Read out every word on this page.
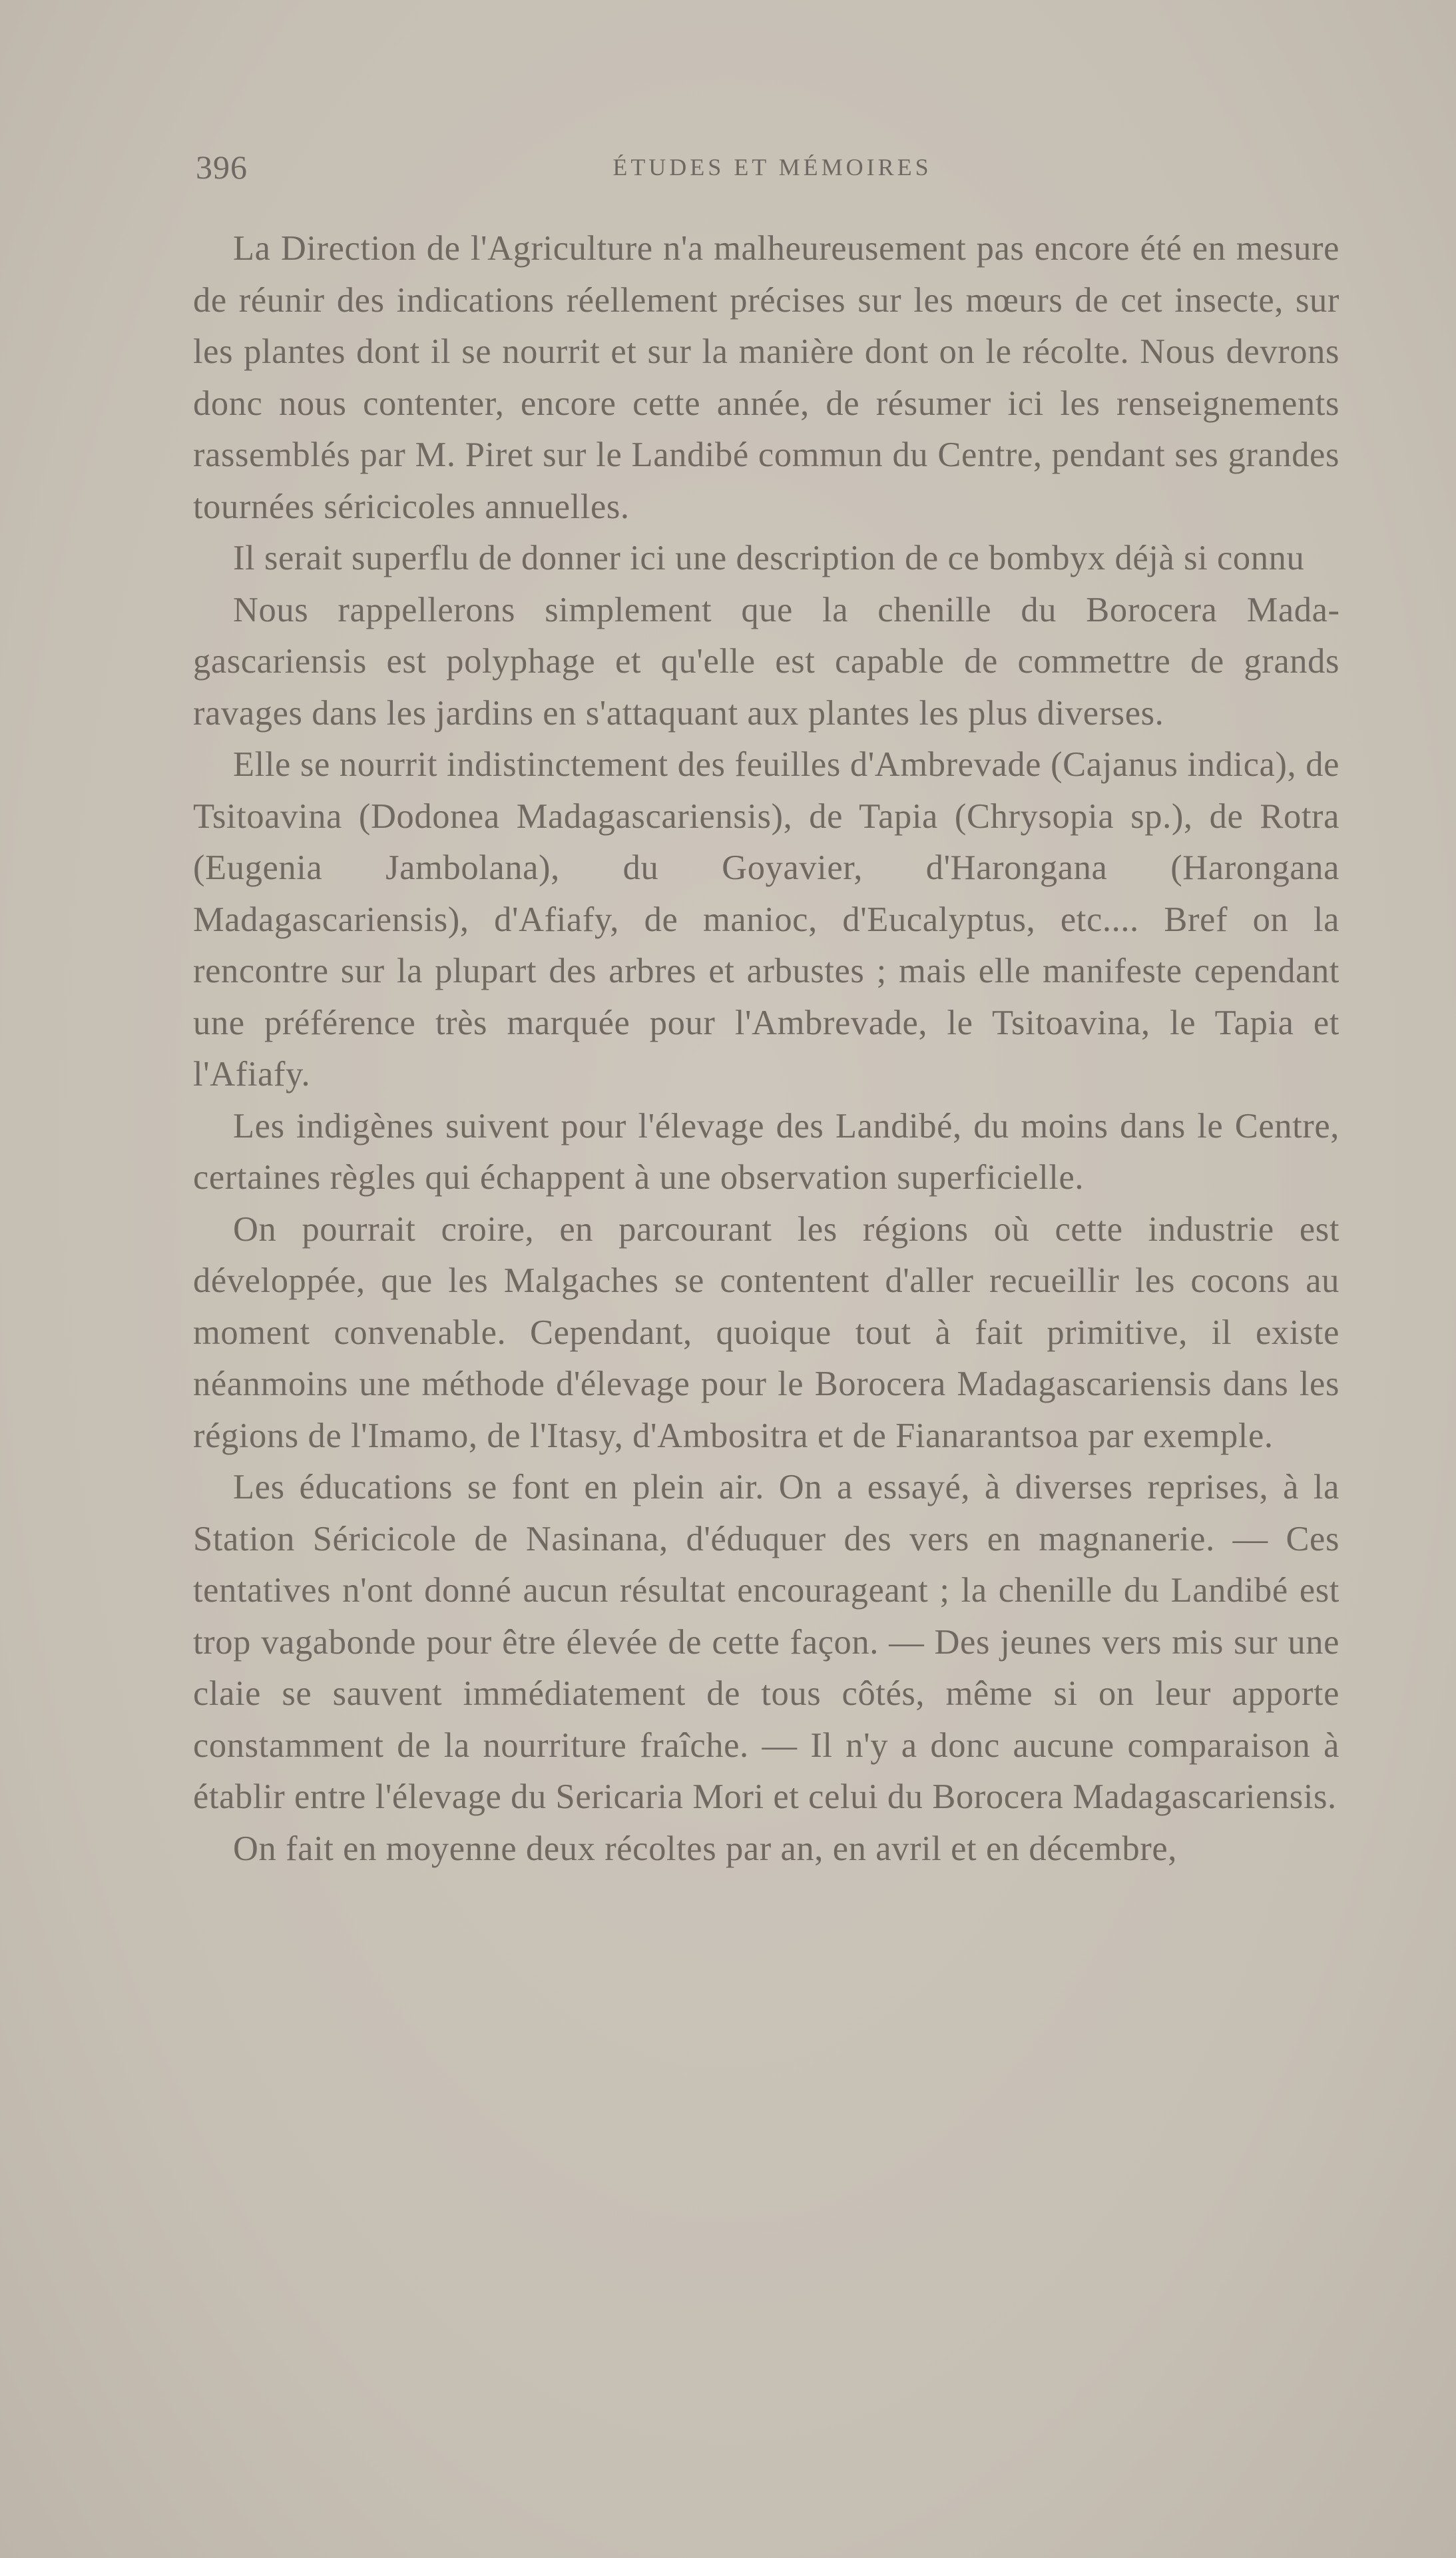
396	ÉTUDES ET MÉMOIRES

La Direction de l'Agriculture n'a malheureusement pas encore été en mesure de réunir des indications réellement précises sur les mœurs de cet insecte, sur les plantes dont il se nourrit et sur la manière dont on le récolte. Nous devrons donc nous contenter, encore cette année, de résumer ici les renseignements rassemblés par M. Piret sur le Landibé commun du Centre, pendant ses grandes tournées séricicoles annuelles.

Il serait superflu de donner ici une description de ce bombyx déjà si connu

Nous rappellerons simplement que la chenille du Borocera Madagascariensis est polyphage et qu'elle est capable de commettre de grands ravages dans les jardins en s'attaquant aux plantes les plus diverses.

Elle se nourrit indistinctement des feuilles d'Ambrevade (Cajanus indica), de Tsitoavina (Dodonea Madagascariensis), de Tapia (Chrysopia sp.), de Rotra (Eugenia Jambolana), du Goyavier, d'Harongana (Harongana Madagascariensis), d'Afiafy, de manioc, d'Eucalyptus, etc.... Bref on la rencontre sur la plupart des arbres et arbustes ; mais elle manifeste cependant une préférence très marquée pour l'Ambrevade, le Tsitoavina, le Tapia et l'Afiafy.

Les indigènes suivent pour l'élevage des Landibé, du moins dans le Centre, certaines règles qui échappent à une observation superficielle.

On pourrait croire, en parcourant les régions où cette industrie est développée, que les Malgaches se contentent d'aller recueillir les cocons au moment convenable. Cependant, quoique tout à fait primitive, il existe néanmoins une méthode d'élevage pour le Borocera Madagascariensis dans les régions de l'Imamo, de l'Itasy, d'Ambositra et de Fianarantsoa par exemple.

Les éducations se font en plein air. On a essayé, à diverses reprises, à la Station Séricicole de Nasinana, d'éduquer des vers en magnanerie. — Ces tentatives n'ont donné aucun résultat encourageant ; la chenille du Landibé est trop vagabonde pour être élevée de cette façon. — Des jeunes vers mis sur une claie se sauvent immédiatement de tous côtés, même si on leur apporte constamment de la nourriture fraîche. — Il n'y a donc aucune comparaison à établir entre l'élevage du Sericaria Mori et celui du Borocera Madagascariensis.

On fait en moyenne deux récoltes par an, en avril et en décembre,
